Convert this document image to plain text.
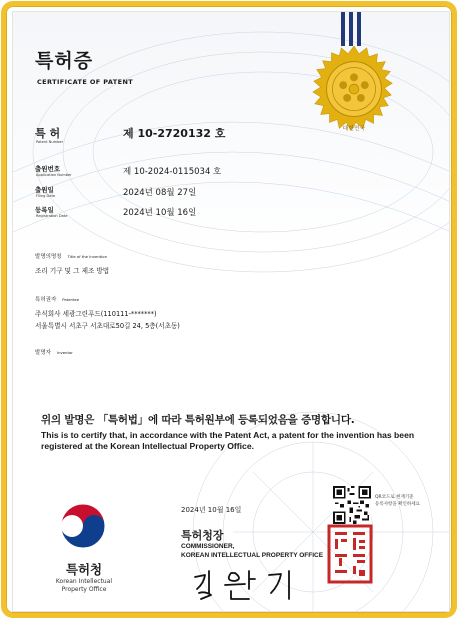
특허증
CERTIFICATE OF PATENT
대한민국
특 허
Patent Number
제 10-2720132 호
출원번호
Application Number	제 10-2024-0115034 호
출원일
Filing Date	2024년 08월 27일
등록일
Registration Date	2024년 10월 16일
발명의명칭 Title of the Invention
조리 기구 및 그 제조 방법
특허권자 Patentee
주식회사 세광그린푸드(110111-*******)
서울특별시 서초구 서초대로50길 24, 5층(서초동)
발명자 Inventor
위의 발명은 「특허법」에 따라 특허원부에 등록되었음을 증명합니다.
This is to certify that, in accordance with the Patent Act, a patent for the invention has been registered at the Korean Intellectual Property Office.
특허청
Korean Intellectual
Property Office
QR코드로 현재기준
등록사항을 확인하세요
2024년 10월 16일
특허청장
COMMISSIONER,
KOREAN INTELLECTUAL PROPERTY OFFICE
